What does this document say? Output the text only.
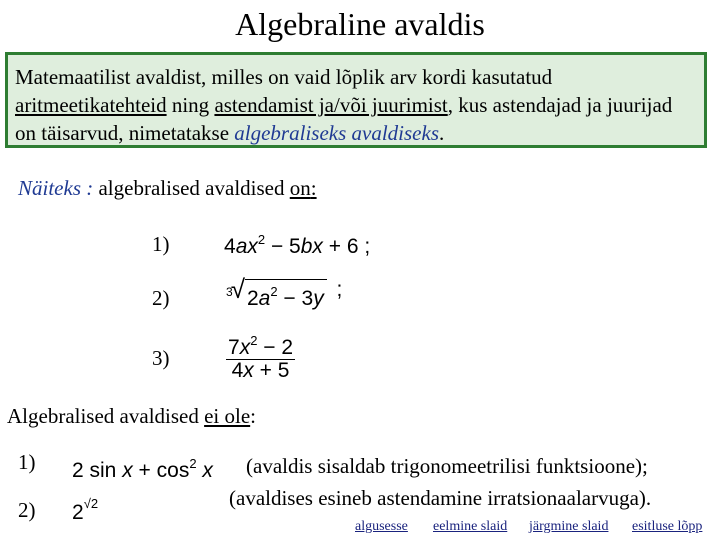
Algebraline avaldis
Matemaatilist avaldist, milles on vaid lõplik arv kordi kasutatud
aritmeetikatehteid ning astendamist ja/või juurimist, kus astendajad ja juurijad on täisarvud, nimetatakse algebraliseks avaldiseks.
Näiteks : algebralised avaldised on:
1)	$4ax^2 - 5bx + 6$ ;
2)	3
√ $2a^2 - 3y$ ;
3)	$\frac{7x^2 - 2}{4x + 5}$
Algebralised avaldised ei ole:
1) 2 $\sin x + \cos^2 x$ (avaldis sisaldab trigonomeetrilisi funktsioone);
2) $2^{√2}$	(avaldises esineb astendamine irratsionaalarvuga).
algusesse eelmine slaid järgmine slaid esitluse lõpp
